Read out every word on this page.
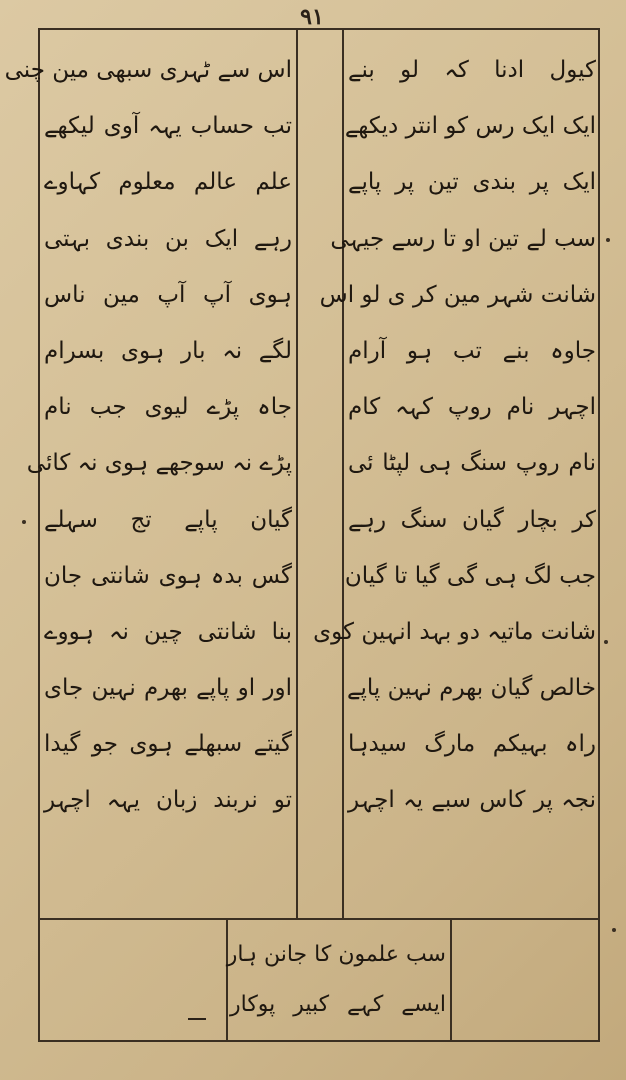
۹۱
کیول ادنا کہ لو بنے
ایک ایک رس کو انتر دیکھے
ایک پر بندی تین پر پاپے
سب لے تین او تا رسے جیہی
شانت شہر مین کر ی لو اس
جاوہ بنے تب ہو آرام
اچہر نام روپ کہہ کام
نام روپ سنگ ہی لپٹا ئی
کر بچار گیان سنگ رہے
جب لگ ہی گی گیا تا گیان
شانت ماتیہ دو بہد انہین کوی
خالص گیان بھرم نہین پاپے
راہ بہیکم مارگ سیدہا
نجہ پر کاس سبے یہ اچہر
اس سے ٹہری سبھی مین چنی
تب حساب یہہ آوی لیکھے
علم عالم معلوم کہاوے
رہے ایک بن بندی بہتی
ہوی آپ آپ مین ناس
لگے نہ بار ہوی بسرام
جاہ پڑے لیوی جب نام
پڑے نہ سوجھے ہوی نہ کائی
گیان پاپے تج سہلے
گس بدہ ہوی شانتی جان
بنا شانتی چین نہ ہووے
اور او پاپے بھرم نہین جای
گیتے سبھلے ہوی جو گیدا
تو نربند زبان یہہ اچہر
سب علمون کا جانن ہار
ایسے کہے کبیر پوکار
